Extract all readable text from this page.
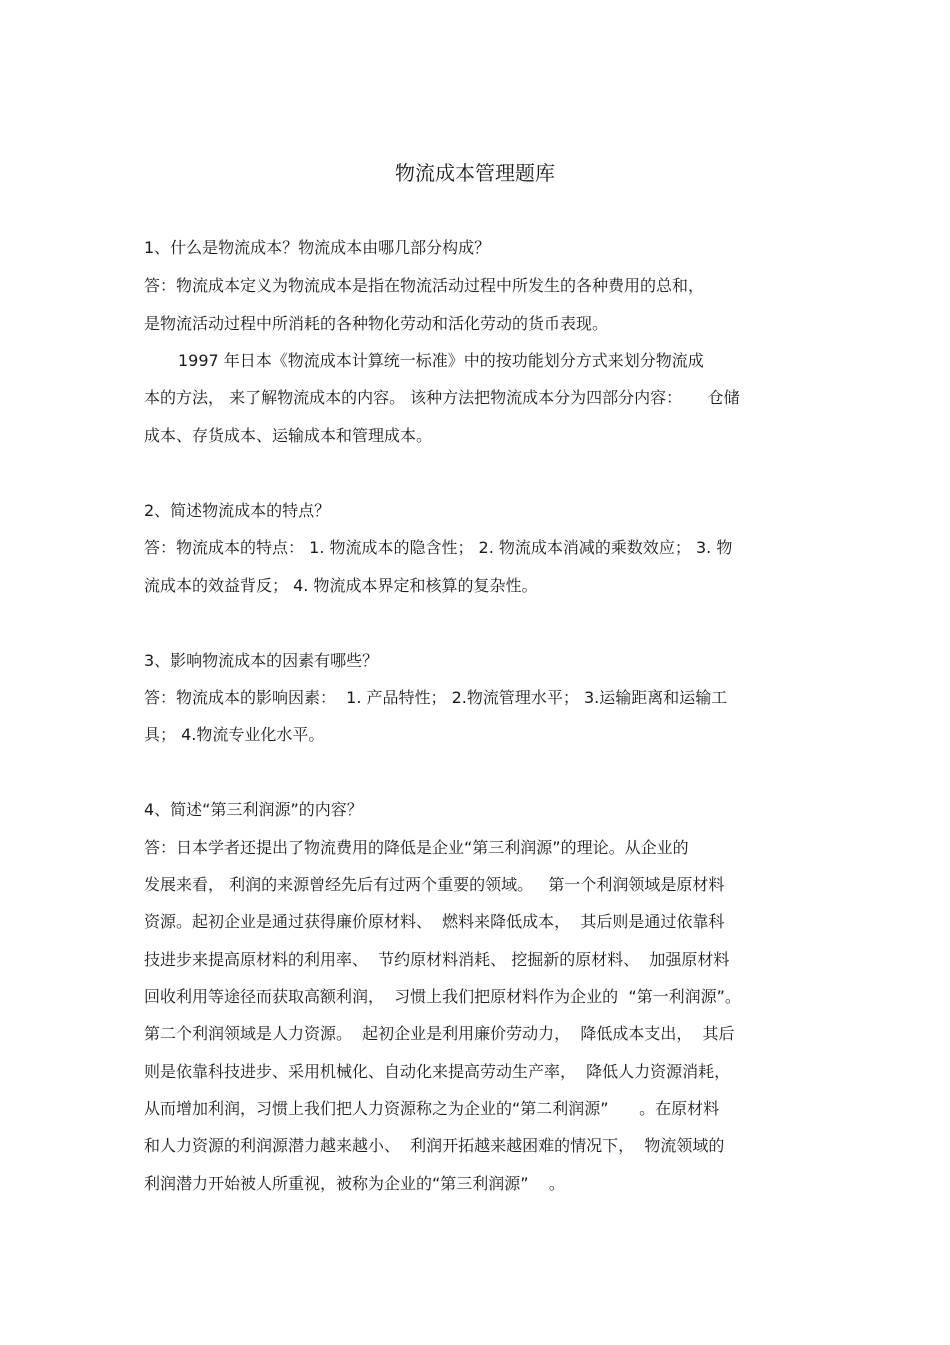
物流成本管理题库
1、什么是物流成本？物流成本由哪几部分构成？
答：物流成本定义为物流成本是指在物流活动过程中所发生的各种费用的总和，
是物流活动过程中所消耗的各种物化劳动和活化劳动的货币表现。
1997 年日本《物流成本计算统一标准》中的按功能划分方式来划分物流成
本的方法， 来了解物流成本的内容。 该种方法把物流成本分为四部分内容：     仓储
成本、存货成本、运输成本和管理成本。
2、简述物流成本的特点？
答：物流成本的特点： 1. 物流成本的隐含性； 2. 物流成本消减的乘数效应； 3. 物
流成本的效益背反； 4. 物流成本界定和核算的复杂性。
3、影响物流成本的因素有哪些？
答：物流成本的影响因素：  1. 产品特性； 2.物流管理水平； 3.运输距离和运输工
具； 4.物流专业化水平。
4、简述“第三利润源”的内容？
答：日本学者还提出了物流费用的降低是企业“第三利润源”的理论。从企业的
发展来看， 利润的来源曾经先后有过两个重要的领域。   第一个利润领域是原材料
资源。起初企业是通过获得廉价原材料、  燃料来降低成本，  其后则是通过依靠科
技进步来提高原材料的利用率、  节约原材料消耗、 挖掘新的原材料、  加强原材料
回收利用等途径而获取高额利润，  习惯上我们把原材料作为企业的  “第一利润源”。
第二个利润领域是人力资源。  起初企业是利用廉价劳动力，  降低成本支出，  其后
则是依靠科技进步、采用机械化、自动化来提高劳动生产率，  降低人力资源消耗，
从而增加利润，习惯上我们把人力资源称之为企业的“第二利润源”      。在原材料
和人力资源的利润源潜力越来越小、  利润开拓越来越困难的情况下，  物流领域的
利润潜力开始被人所重视，被称为企业的“第三利润源”    。
